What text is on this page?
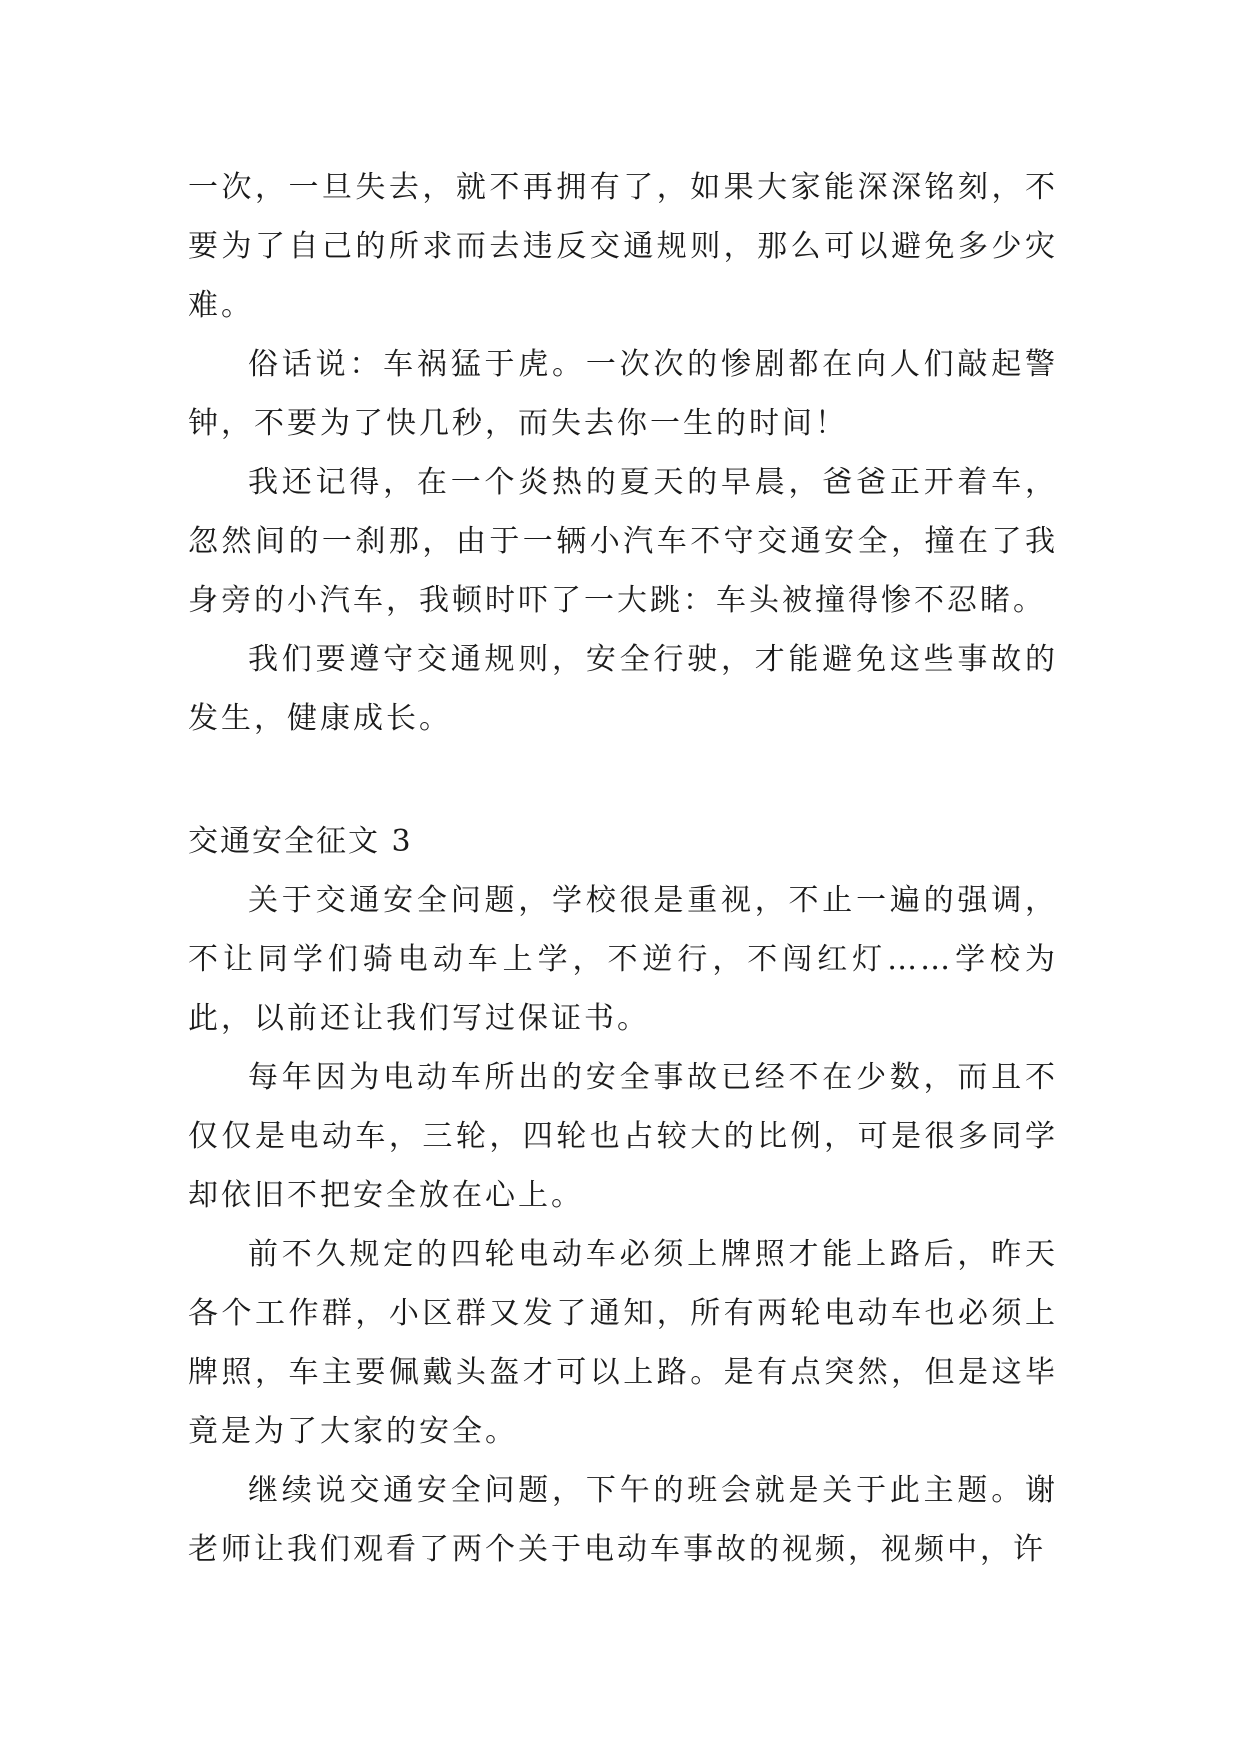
一次，一旦失去，就不再拥有了，如果大家能深深铭刻，不要为了自己的所求而去违反交通规则，那么可以避免多少灾难。

俗话说：车祸猛于虎。一次次的惨剧都在向人们敲起警钟，不要为了快几秒，而失去你一生的时间！

我还记得，在一个炎热的夏天的早晨，爸爸正开着车，忽然间的一刹那，由于一辆小汽车不守交通安全，撞在了我身旁的小汽车，我顿时吓了一大跳：车头被撞得惨不忍睹。

我们要遵守交通规则，安全行驶，才能避免这些事故的发生，健康成长。

交通安全征文 3

关于交通安全问题，学校很是重视，不止一遍的强调，不让同学们骑电动车上学，不逆行，不闯红灯……学校为此，以前还让我们写过保证书。

每年因为电动车所出的安全事故已经不在少数，而且不仅仅是电动车，三轮，四轮也占较大的比例，可是很多同学却依旧不把安全放在心上。

前不久规定的四轮电动车必须上牌照才能上路后，昨天各个工作群，小区群又发了通知，所有两轮电动车也必须上牌照，车主要佩戴头盔才可以上路。是有点突然，但是这毕竟是为了大家的安全。

继续说交通安全问题，下午的班会就是关于此主题。谢老师让我们观看了两个关于电动车事故的视频，视频中，许
